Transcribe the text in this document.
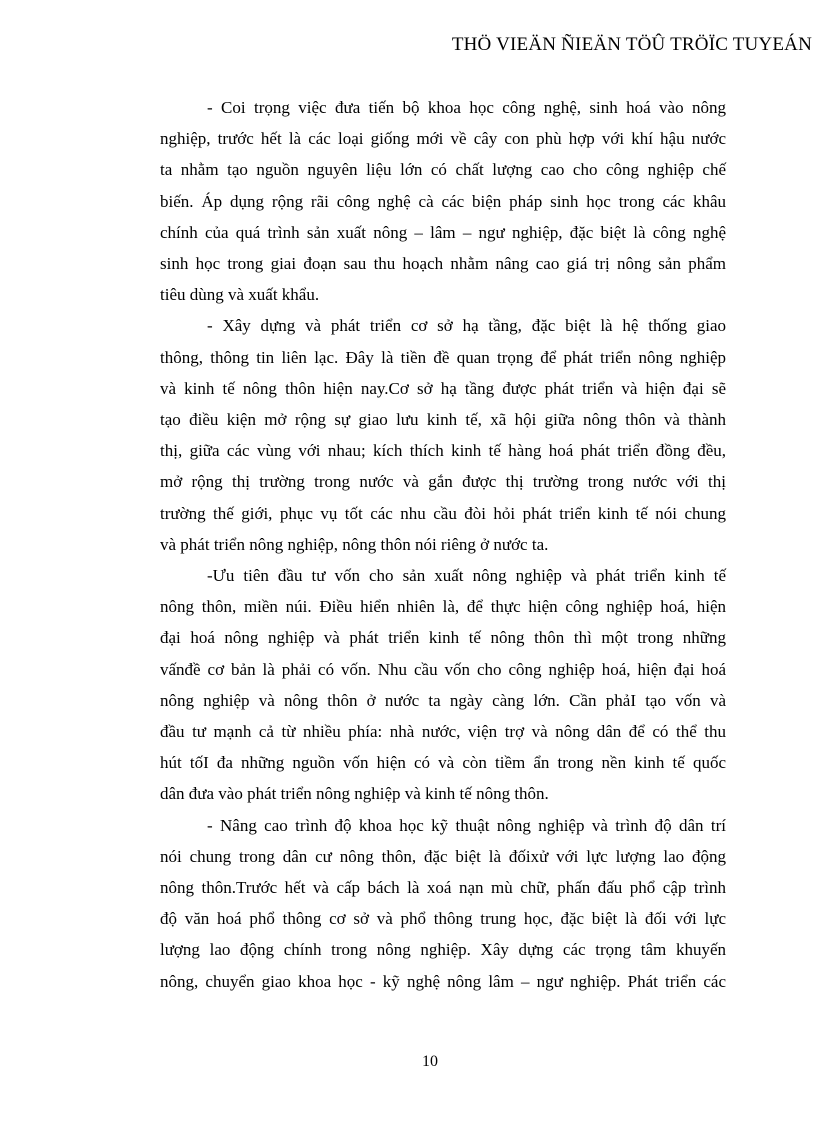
THÖ VIEÄN ÑIEÄN TÖÛ TRÖÏC TUYEÁN

- Coi trọng việc đưa tiến bộ khoa học công nghệ, sinh hoá vào nông
nghiệp, trước hết là các loại giống mới về cây con phù hợp với khí hậu nước
ta nhằm tạo nguồn nguyên liệu lớn có chất lượng cao cho công nghiệp chế
biến. Áp dụng rộng rãi công nghệ cà các biện pháp sinh học trong các khâu
chính của quá trình sản xuất nông – lâm – ngư nghiệp, đặc biệt là công nghệ
sinh học trong giai đoạn sau thu hoạch nhằm nâng cao giá trị nông sản phẩm
tiêu dùng và xuất khẩu.

- Xây dựng và phát triển cơ sở hạ tầng, đặc biệt là hệ thống giao
thông, thông tin liên lạc. Đây là tiền đề quan trọng để phát triển nông nghiệp
và kinh tế nông thôn hiện nay.Cơ sở hạ tầng được phát triển và hiện đại sẽ
tạo điều kiện mở rộng sự giao lưu kinh tế, xã hội giữa nông thôn và thành
thị, giữa các vùng với nhau; kích thích kinh tế hàng hoá phát triển đồng đều,
mở rộng thị trường trong nước và gắn được thị trường trong nước với thị
trường thế giới, phục vụ tốt các nhu cầu đòi hỏi phát triển kinh tế nói chung
và phát triển nông nghiệp, nông thôn nói riêng ở nước ta.

-Ưu tiên đầu tư vốn cho sản xuất nông nghiệp và phát triển kinh tế
nông thôn, miền núi. Điều hiển nhiên là, để thực hiện công nghiệp hoá, hiện
đại hoá nông nghiệp và phát triển kinh tế nông thôn thì một trong những
vấnđề cơ bản là phải có vốn. Nhu cầu vốn cho công nghiệp hoá, hiện đại hoá
nông nghiệp và nông thôn ở nước ta ngày càng lớn. Cần phảI tạo vốn và
đầu tư mạnh cả từ nhiều phía: nhà nước, viện trợ và nông dân để có thể thu
hút tốI đa những nguồn vốn hiện có và còn tiềm ẩn trong nền kinh tế quốc
dân đưa vào phát triển nông nghiệp và kinh tế nông thôn.

- Nâng cao trình độ khoa học kỹ thuật nông nghiệp và trình độ dân trí
nói chung trong dân cư nông thôn, đặc biệt là đốixử với lực lượng lao động
nông thôn.Trước hết và cấp bách là xoá nạn mù chữ, phấn đấu phổ cập trình
độ văn hoá phổ thông cơ sở và phổ thông trung học, đặc biệt là đối với lực
lượng lao động chính trong nông nghiệp. Xây dựng các trọng tâm khuyến
nông, chuyển giao khoa học - kỹ nghệ nông lâm – ngư nghiệp. Phát triển các

10
